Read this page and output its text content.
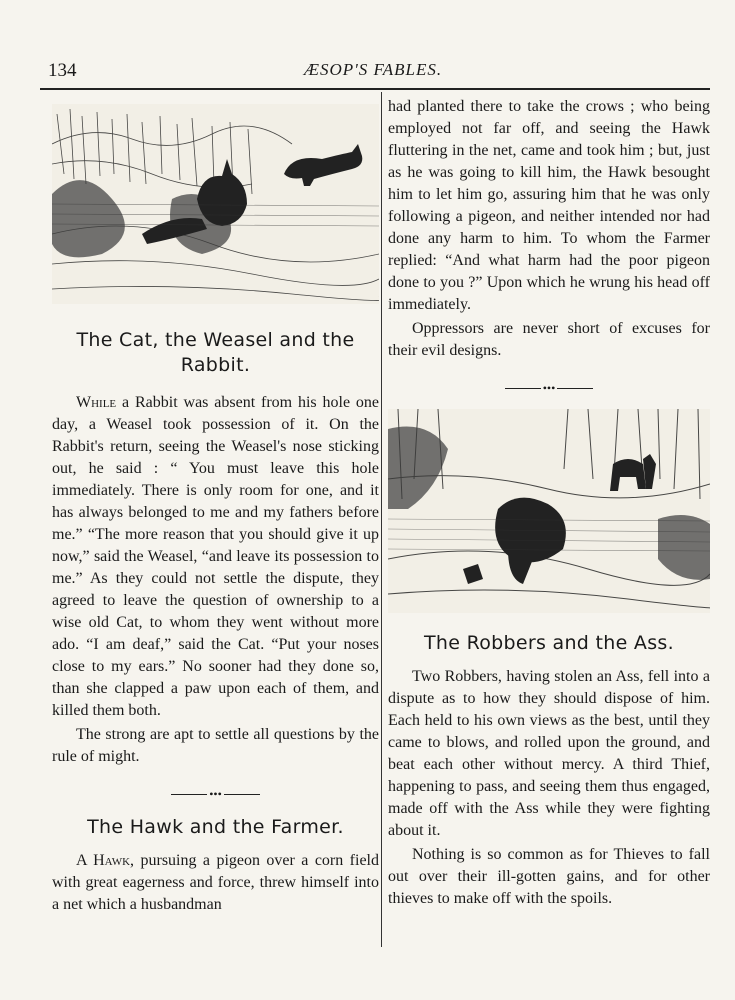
134	ÆSOP'S FABLES.
The Cat, the Weasel and the
Rabbit.

While a Rabbit was absent from his hole one day, a Weasel took possession of it. On the Rabbit's return, seeing the Weasel's nose sticking out, he said : “ You must leave this hole immediately. There is only room for one, and it has always belonged to me and my fathers before me.” “The more reason that you should give it up now,” said the Weasel, “and leave its possession to me.” As they could not settle the dispute, they agreed to leave the question of ownership to a wise old Cat, to whom they went without more ado. “I am deaf,” said the Cat. “Put your noses close to my ears.” No sooner had they done so, than she clapped a paw upon each of them, and killed them both.

The strong are apt to settle all questions by the rule of might.

•••
The Hawk and the Farmer.

A Hawk, pursuing a pigeon over a corn field with great eagerness and force, threw himself into a net which a husbandman

had planted there to take the crows ; who being employed not far off, and seeing the Hawk fluttering in the net, came and took him ; but, just as he was going to kill him, the Hawk besought him to let him go, assuring him that he was only following a pigeon, and neither intended nor had done any harm to him. To whom the Farmer replied: “And what harm had the poor pigeon done to you ?” Upon which he wrung his head off immediately.

Oppressors are never short of excuses for their evil designs.

•••
The Robbers and the Ass.

Two Robbers, having stolen an Ass, fell into a dispute as to how they should dispose of him. Each held to his own views as the best, until they came to blows, and rolled upon the ground, and beat each other without mercy. A third Thief, happening to pass, and seeing them thus engaged, made off with the Ass while they were fighting about it.

Nothing is so common as for Thieves to fall out over their ill-gotten gains, and for other thieves to make off with the spoils.
